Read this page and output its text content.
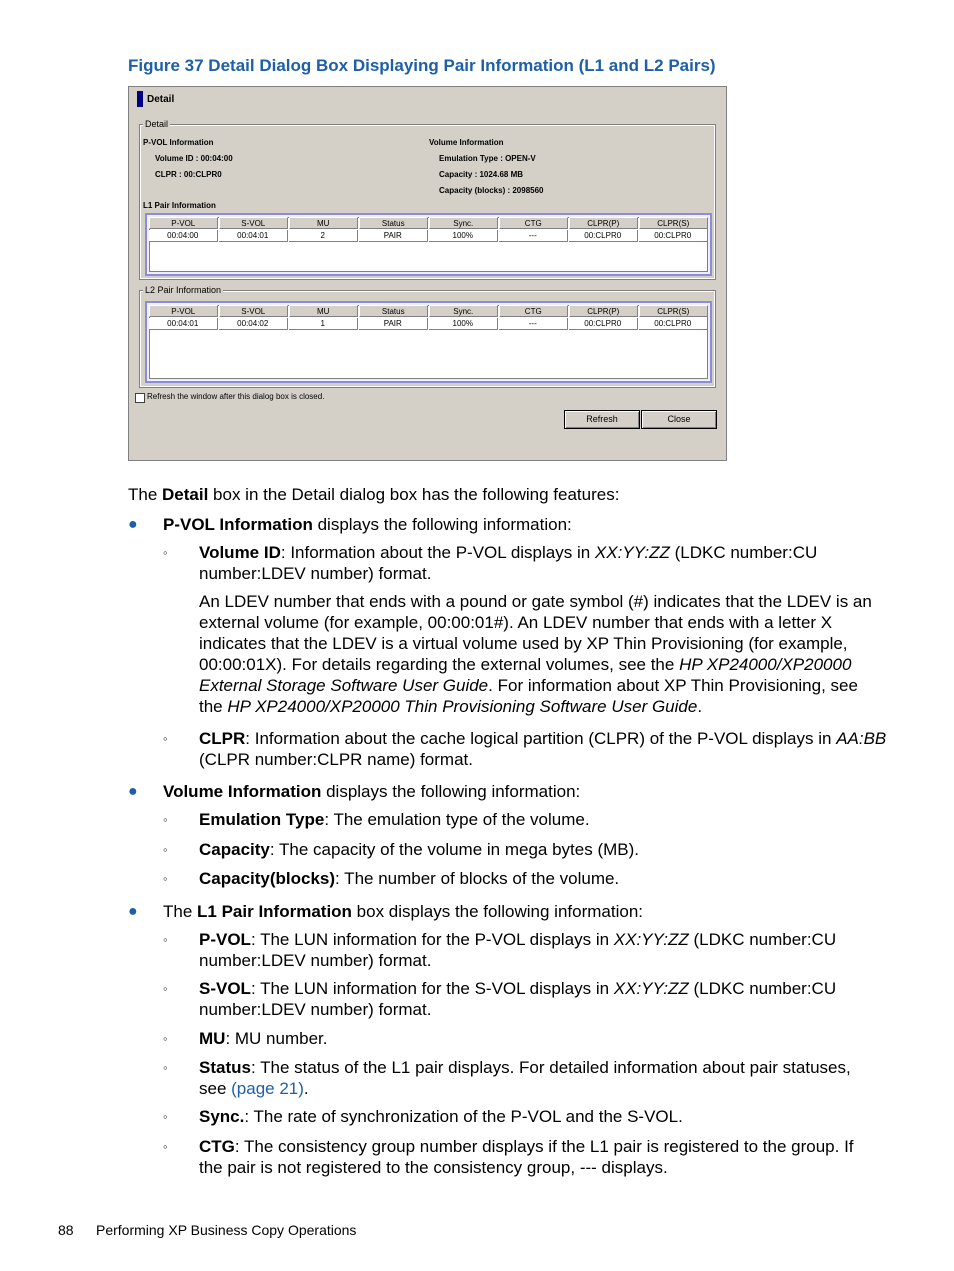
Figure 37 Detail Dialog Box Displaying Pair Information (L1 and L2 Pairs)
Detail
Detail
P-VOL Information
Volume ID : 00:04:00
CLPR : 00:CLPR0
Volume Information
Emulation Type : OPEN-V
Capacity : 1024.68 MB
Capacity (blocks) : 2098560
L1 Pair Information
P-VOL	S-VOL	MU	Status	Sync.	CTG	CLPR(P)	CLPR(S)
00:04:00	00:04:01	2	PAIR	100%	---	00:CLPR0	00:CLPR0
L2 Pair Information
P-VOL	S-VOL	MU	Status	Sync.	CTG	CLPR(P)	CLPR(S)
00:04:01	00:04:02	1	PAIR	100%	---	00:CLPR0	00:CLPR0
Refresh the window after this dialog box is closed.
Refresh	Close
The Detail box in the Detail dialog box has the following features:
● P-VOL Information displays the following information:
◦ Volume ID: Information about the P-VOL displays in XX:YY:ZZ (LDKC number:CU
number:LDEV number) format.
An LDEV number that ends with a pound or gate symbol (#) indicates that the LDEV is an
external volume (for example, 00:00:01#). An LDEV number that ends with a letter X
indicates that the LDEV is a virtual volume used by XP Thin Provisioning (for example,
00:00:01X). For details regarding the external volumes, see the HP XP24000/XP20000
External Storage Software User Guide. For information about XP Thin Provisioning, see
the HP XP24000/XP20000 Thin Provisioning Software User Guide.
◦ CLPR: Information about the cache logical partition (CLPR) of the P-VOL displays in AA:BB
(CLPR number:CLPR name) format.
● Volume Information displays the following information:
◦ Emulation Type: The emulation type of the volume.
◦ Capacity: The capacity of the volume in mega bytes (MB).
◦ Capacity(blocks): The number of blocks of the volume.
● The L1 Pair Information box displays the following information:
◦ P-VOL: The LUN information for the P-VOL displays in XX:YY:ZZ (LDKC number:CU
number:LDEV number) format.
◦ S-VOL: The LUN information for the S-VOL displays in XX:YY:ZZ (LDKC number:CU
number:LDEV number) format.
◦ MU: MU number.
◦ Status: The status of the L1 pair displays. For detailed information about pair statuses,
see (page 21).
◦ Sync.: The rate of synchronization of the P-VOL and the S-VOL.
◦ CTG: The consistency group number displays if the L1 pair is registered to the group. If
the pair is not registered to the consistency group, --- displays.
88 Performing XP Business Copy Operations
